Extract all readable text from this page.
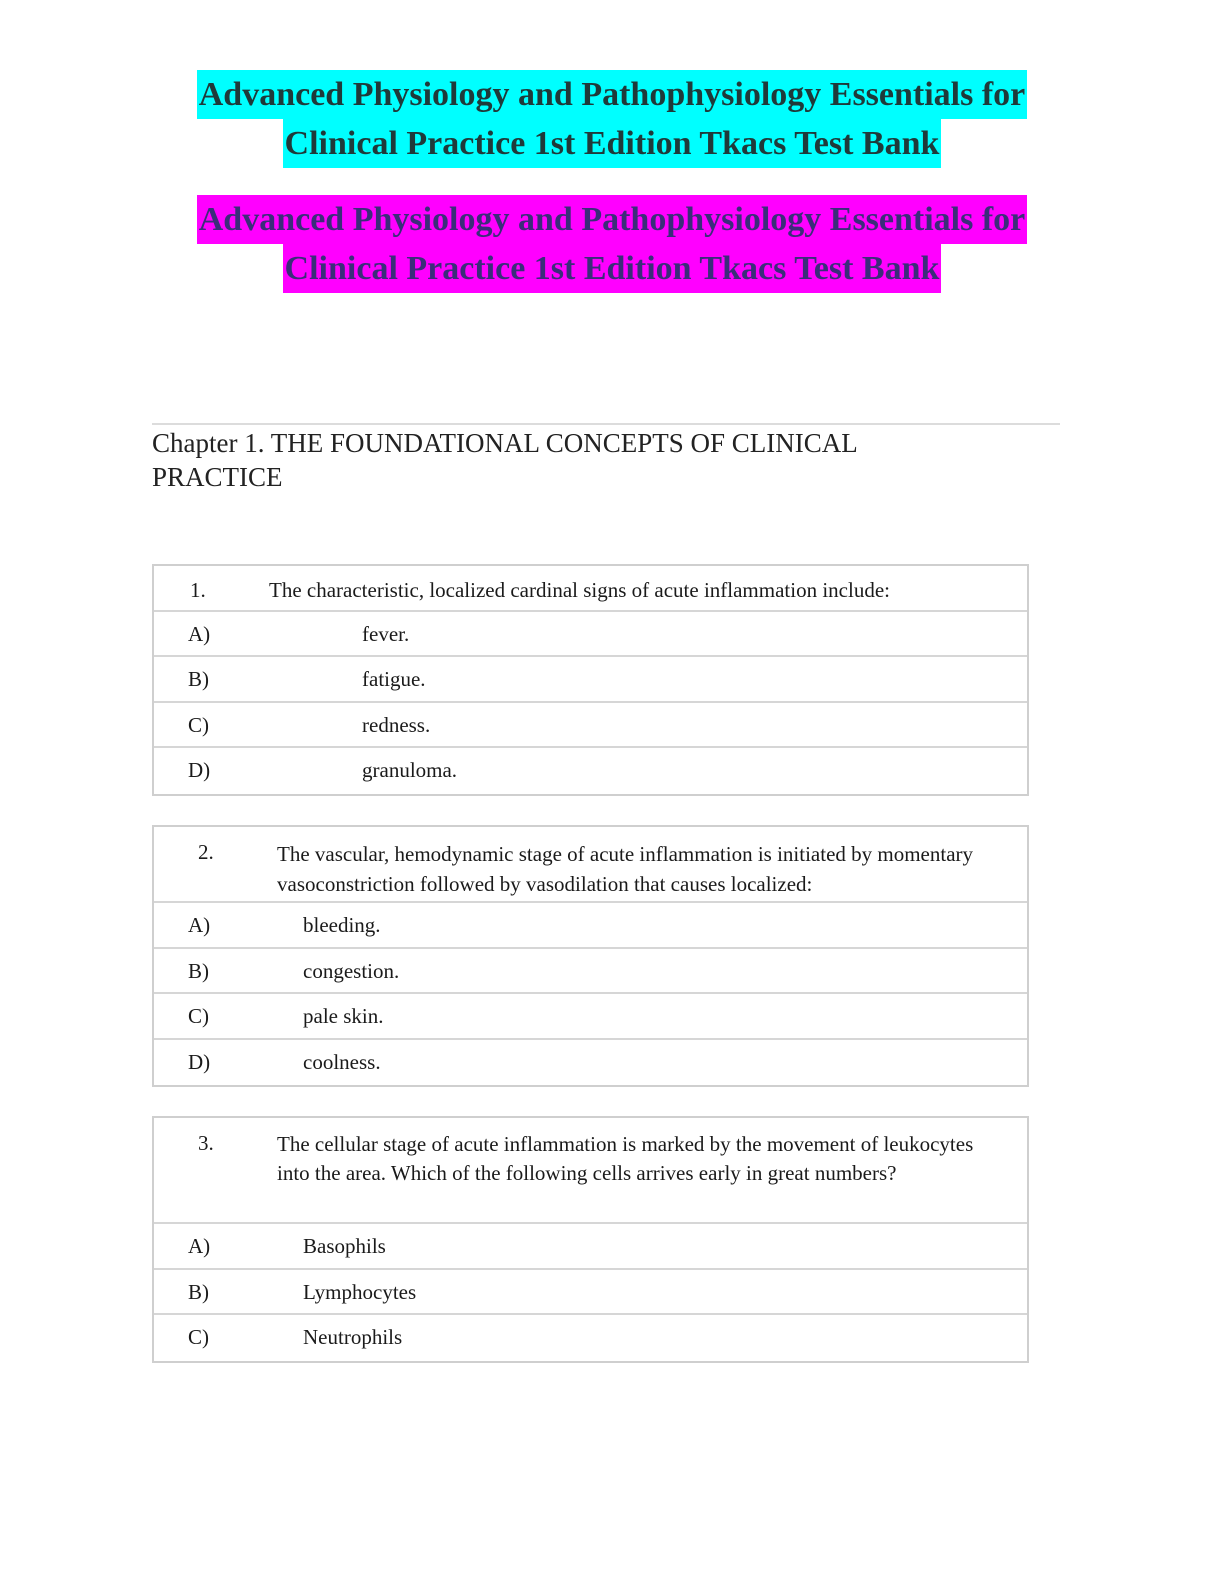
Advanced Physiology and Pathophysiology Essentials for
Clinical Practice 1st Edition Tkacs Test Bank
Advanced Physiology and Pathophysiology Essentials for
Clinical Practice 1st Edition Tkacs Test Bank
Chapter 1. THE FOUNDATIONAL CONCEPTS OF CLINICAL PRACTICE
1.	The characteristic, localized cardinal signs of acute inflammation include:
A)	fever.
B)	fatigue.
C)	redness.
D)	granuloma.
2.	The vascular, hemodynamic stage of acute inflammation is initiated by momentary vasoconstriction followed by vasodilation that causes localized:
A)	bleeding.
B)	congestion.
C)	pale skin.
D)	coolness.
3.	The cellular stage of acute inflammation is marked by the movement of leukocytes into the area. Which of the following cells arrives early in great numbers?
A)	Basophils
B)	Lymphocytes
C)	Neutrophils
